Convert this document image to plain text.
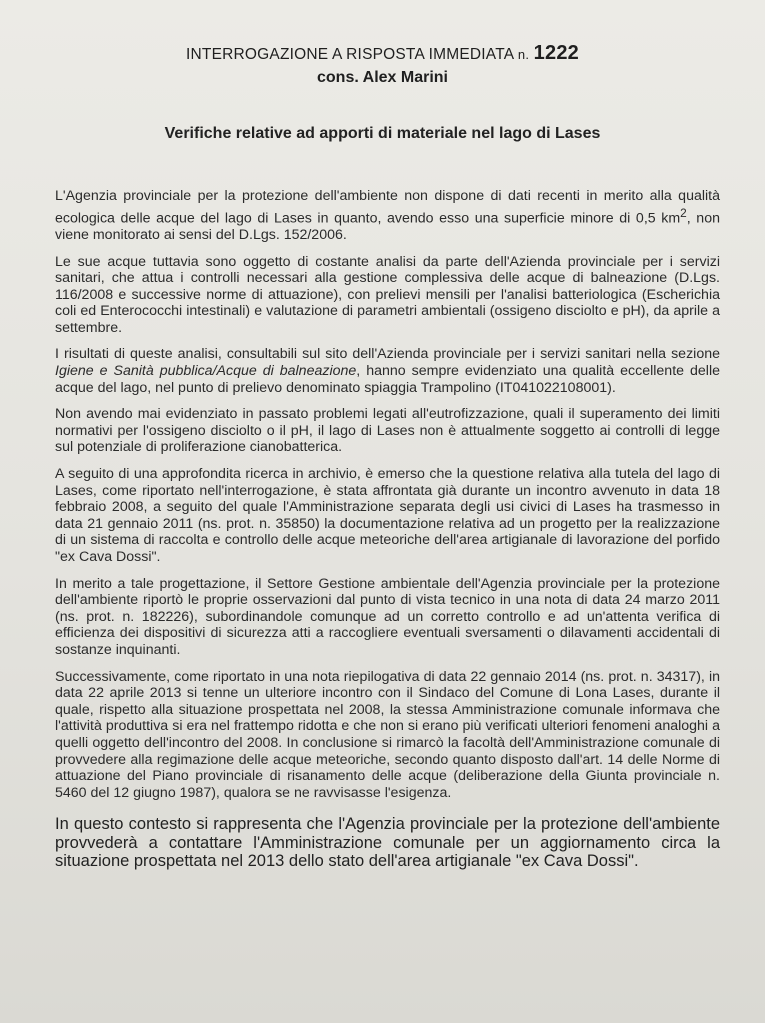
INTERROGAZIONE A RISPOSTA IMMEDIATA n. 1222
cons. Alex Marini
Verifiche relative ad apporti di materiale nel lago di Lases

L'Agenzia provinciale per la protezione dell'ambiente non dispone di dati recenti in merito alla qualità ecologica delle acque del lago di Lases in quanto, avendo esso una superficie minore di 0,5 $km^2$, non viene monitorato ai sensi del D.Lgs. 152/2006.

Le sue acque tuttavia sono oggetto di costante analisi da parte dell'Azienda provinciale per i servizi sanitari, che attua i controlli necessari alla gestione complessiva delle acque di balneazione (D.Lgs. 116/2008 e successive norme di attuazione), con prelievi mensili per l'analisi batteriologica (Escherichia coli ed Enterococchi intestinali) e valutazione di parametri ambientali (ossigeno disciolto e pH), da aprile a settembre.

I risultati di queste analisi, consultabili sul sito dell'Azienda provinciale per i servizi sanitari nella sezione Igiene e Sanità pubblica/Acque di balneazione, hanno sempre evidenziato una qualità eccellente delle acque del lago, nel punto di prelievo denominato spiaggia Trampolino (IT041022108001).

Non avendo mai evidenziato in passato problemi legati all'eutrofizzazione, quali il superamento dei limiti normativi per l'ossigeno disciolto o il pH, il lago di Lases non è attualmente soggetto ai controlli di legge sul potenziale di proliferazione cianobatterica.

A seguito di una approfondita ricerca in archivio, è emerso che la questione relativa alla tutela del lago di Lases, come riportato nell'interrogazione, è stata affrontata già durante un incontro avvenuto in data 18 febbraio 2008, a seguito del quale l'Amministrazione separata degli usi civici di Lases ha trasmesso in data 21 gennaio 2011 (ns. prot. n. 35850) la documentazione relativa ad un progetto per la realizzazione di un sistema di raccolta e controllo delle acque meteoriche dell'area artigianale di lavorazione del porfido "ex Cava Dossi".

In merito a tale progettazione, il Settore Gestione ambientale dell'Agenzia provinciale per la protezione dell'ambiente riportò le proprie osservazioni dal punto di vista tecnico in una nota di data 24 marzo 2011 (ns. prot. n. 182226), subordinandole comunque ad un corretto controllo e ad un'attenta verifica di efficienza dei dispositivi di sicurezza atti a raccogliere eventuali sversamenti o dilavamenti accidentali di sostanze inquinanti.

Successivamente, come riportato in una nota riepilogativa di data 22 gennaio 2014 (ns. prot. n. 34317), in data 22 aprile 2013 si tenne un ulteriore incontro con il Sindaco del Comune di Lona Lases, durante il quale, rispetto alla situazione prospettata nel 2008, la stessa Amministrazione comunale informava che l'attività produttiva si era nel frattempo ridotta e che non si erano più verificati ulteriori fenomeni analoghi a quelli oggetto dell'incontro del 2008. In conclusione si rimarcò la facoltà dell'Amministrazione comunale di provvedere alla regimazione delle acque meteoriche, secondo quanto disposto dall'art. 14 delle Norme di attuazione del Piano provinciale di risanamento delle acque (deliberazione della Giunta provinciale n. 5460 del 12 giugno 1987), qualora se ne ravvisasse l'esigenza.

In questo contesto si rappresenta che l'Agenzia provinciale per la protezione dell'ambiente provvederà a contattare l'Amministrazione comunale per un aggiornamento circa la situazione prospettata nel 2013 dello stato dell'area artigianale "ex Cava Dossi".
